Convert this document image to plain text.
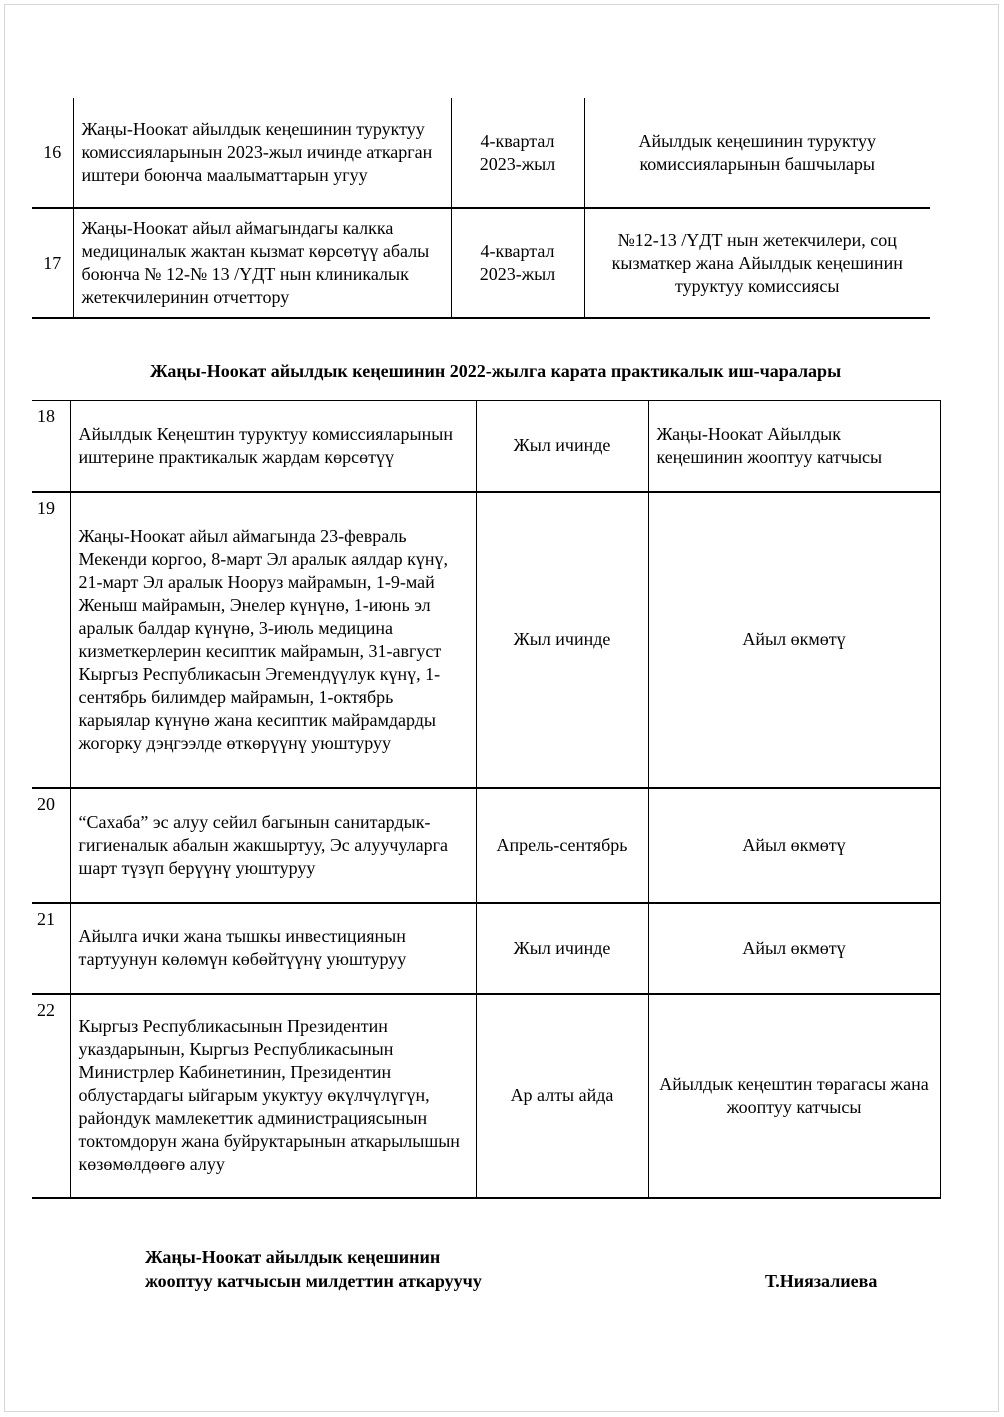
16	Жаңы-Ноокат айылдык кеңешинин туруктуу комиссияларынын 2023-жыл ичинде аткарган иштери боюнча маалыматтарын угуу	4-квартал 2023-жыл	Айылдык кеңешинин туруктуу комиссияларынын башчылары
17	Жаңы-Ноокат айыл аймагындагы калкка медициналык жактан кызмат көрсөтүү абалы боюнча № 12-№ 13 /ҮДТ нын клиникалык жетекчилеринин отчеттору	4-квартал 2023-жыл	№12-13 /ҮДТ нын жетекчилери, соц кызматкер жана Айылдык кеңешинин туруктуу комиссиясы
Жаңы-Ноокат айылдык кеңешинин 2022-жылга карата практикалык иш-чаралары
18	Айылдык Кеңештин туруктуу комиссияларынын иштерине практикалык жардам көрсөтүү	Жыл ичинде	Жаңы-Ноокат Айылдык кеңешинин жооптуу катчысы
19	Жаңы-Ноокат айыл аймагында 23-февраль Мекенди коргоо, 8-март Эл аралык аялдар күнү, 21-март Эл аралык Нооруз майрамын, 1-9-май Женыш майрамын, Энелер күнүнө, 1-июнь эл аралык балдар күнүнө, 3-июль медицина кизметкерлерин кесиптик майрамын, 31-август Кыргыз Республикасын Эгемендүүлук күнү, 1-сентябрь билимдер майрамын, 1-октябрь карыялар күнүнө жана кесиптик майрамдарды жогорку дэңгээлде өткөрүүнү уюштуруу	Жыл ичинде	Айыл өкмөтү
20	“Сахаба” эс алуу сейил багынын санитардык-гигиеналык абалын жакшыртуу, Эс алуучуларга шарт түзүп берүүнү уюштуруу	Апрель-сентябрь	Айыл өкмөтү
21	Айылга ички жана тышкы инвестициянын тартуунун көлөмүн көбөйтүүнү уюштуруу	Жыл ичинде	Айыл өкмөтү
22	Кыргыз Республикасынын Президентин указдарынын, Кыргыз Республикасынын Министрлер Кабинетинин, Президентин облустардагы ыйгарым укуктуу өкүлчүлүгүн, райондук мамлекеттик администрациясынын токтомдорун жана буйруктарынын аткарылышын көзөмөлдөөгө алуу	Ар алты айда	Айылдык кеңештин төрагасы жана жооптуу катчысы
Жаңы-Ноокат айылдык кеңешинин
жооптуу катчысын милдеттин аткаруучу	Т.Ниязалиева
